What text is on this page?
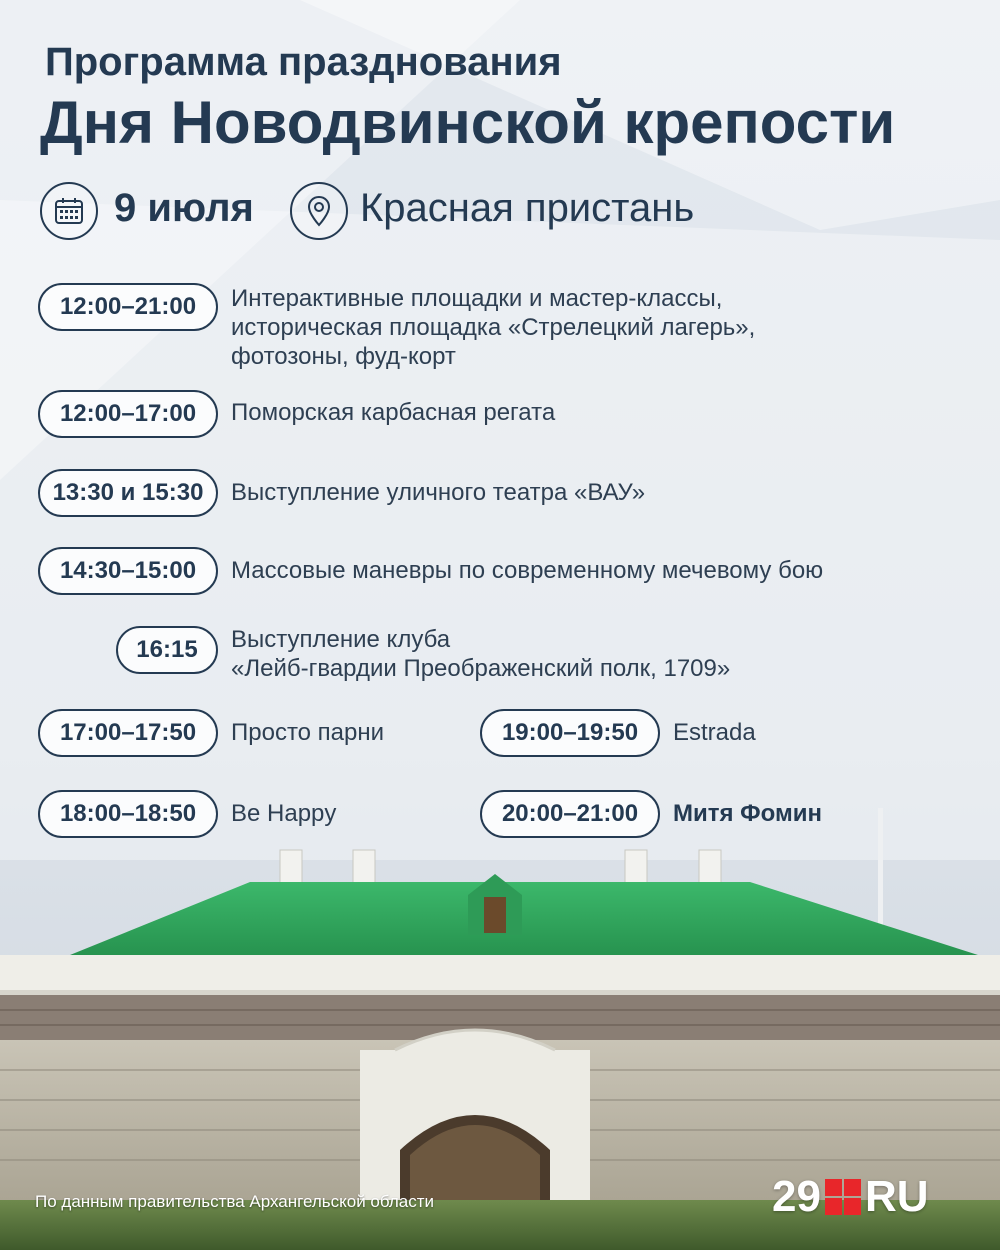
Программа празднования
Дня Новодвинской крепости
9 июля	Красная пристань
12:00–21:00	Интерактивные площадки и мастер-классы,
историческая площадка «Стрелецкий лагерь»,
фотозоны, фуд-корт
12:00–17:00	Поморская карбасная регата
13:30 и 15:30	Выступление уличного театра «ВАУ»
14:30–15:00	Массовые маневры по современному мечевому бою
16:15	Выступление клуба
«Лейб-гвардии Преображенский полк, 1709»
17:00–17:50	Просто парни	19:00–19:50	Estrada
18:00–18:50	Be Happy	20:00–21:00	Митя Фомин
По данным правительства Архангельской области	29 RU
